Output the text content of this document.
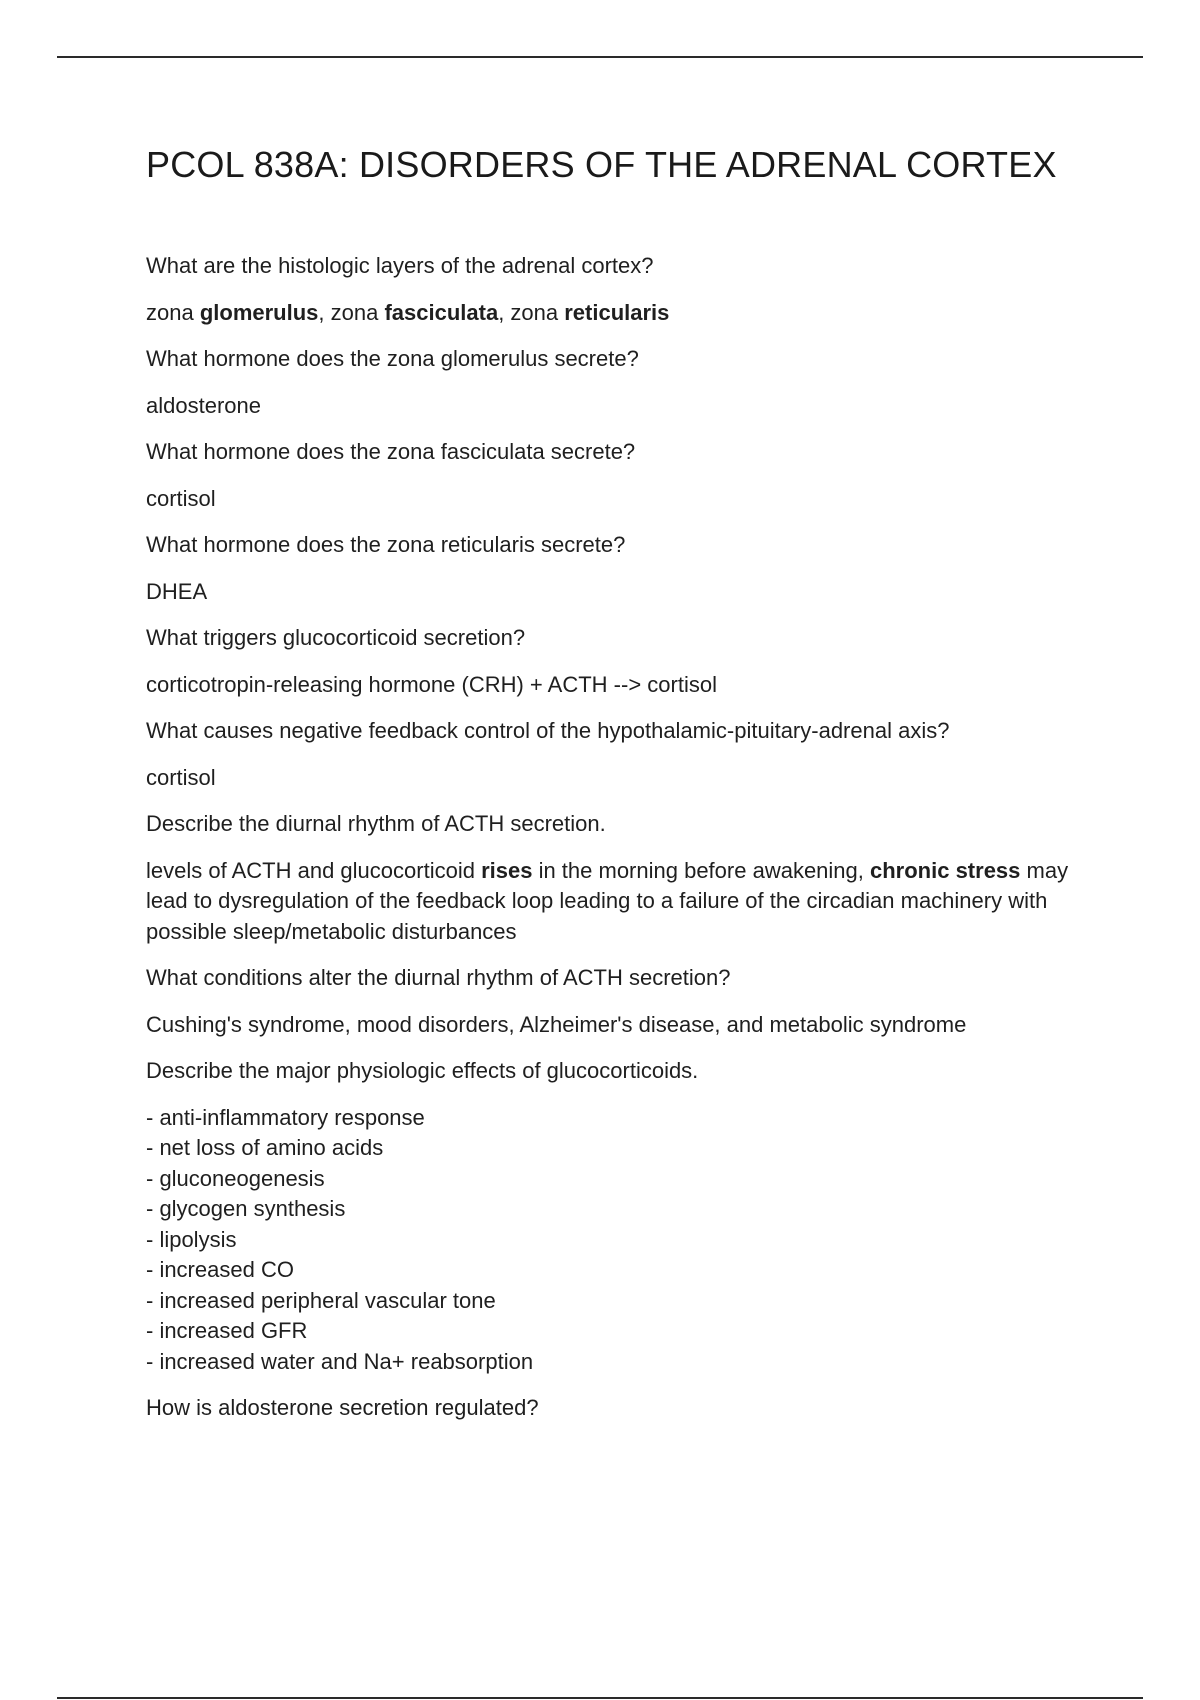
PCOL 838A: DISORDERS OF THE ADRENAL CORTEX

What are the histologic layers of the adrenal cortex?

zona glomerulus, zona fasciculata, zona reticularis

What hormone does the zona glomerulus secrete?

aldosterone

What hormone does the zona fasciculata secrete?

cortisol

What hormone does the zona reticularis secrete?

DHEA

What triggers glucocorticoid secretion?

corticotropin-releasing hormone (CRH) + ACTH --> cortisol

What causes negative feedback control of the hypothalamic-pituitary-adrenal axis?

cortisol

Describe the diurnal rhythm of ACTH secretion.

levels of ACTH and glucocorticoid rises in the morning before awakening, chronic stress may lead to dysregulation of the feedback loop leading to a failure of the circadian machinery with possible sleep/metabolic disturbances

What conditions alter the diurnal rhythm of ACTH secretion?

Cushing's syndrome, mood disorders, Alzheimer's disease, and metabolic syndrome

Describe the major physiologic effects of glucocorticoids.

- anti-inflammatory response
- net loss of amino acids
- gluconeogenesis
- glycogen synthesis
- lipolysis
- increased CO
- increased peripheral vascular tone
- increased GFR
- increased water and Na+ reabsorption

How is aldosterone secretion regulated?
